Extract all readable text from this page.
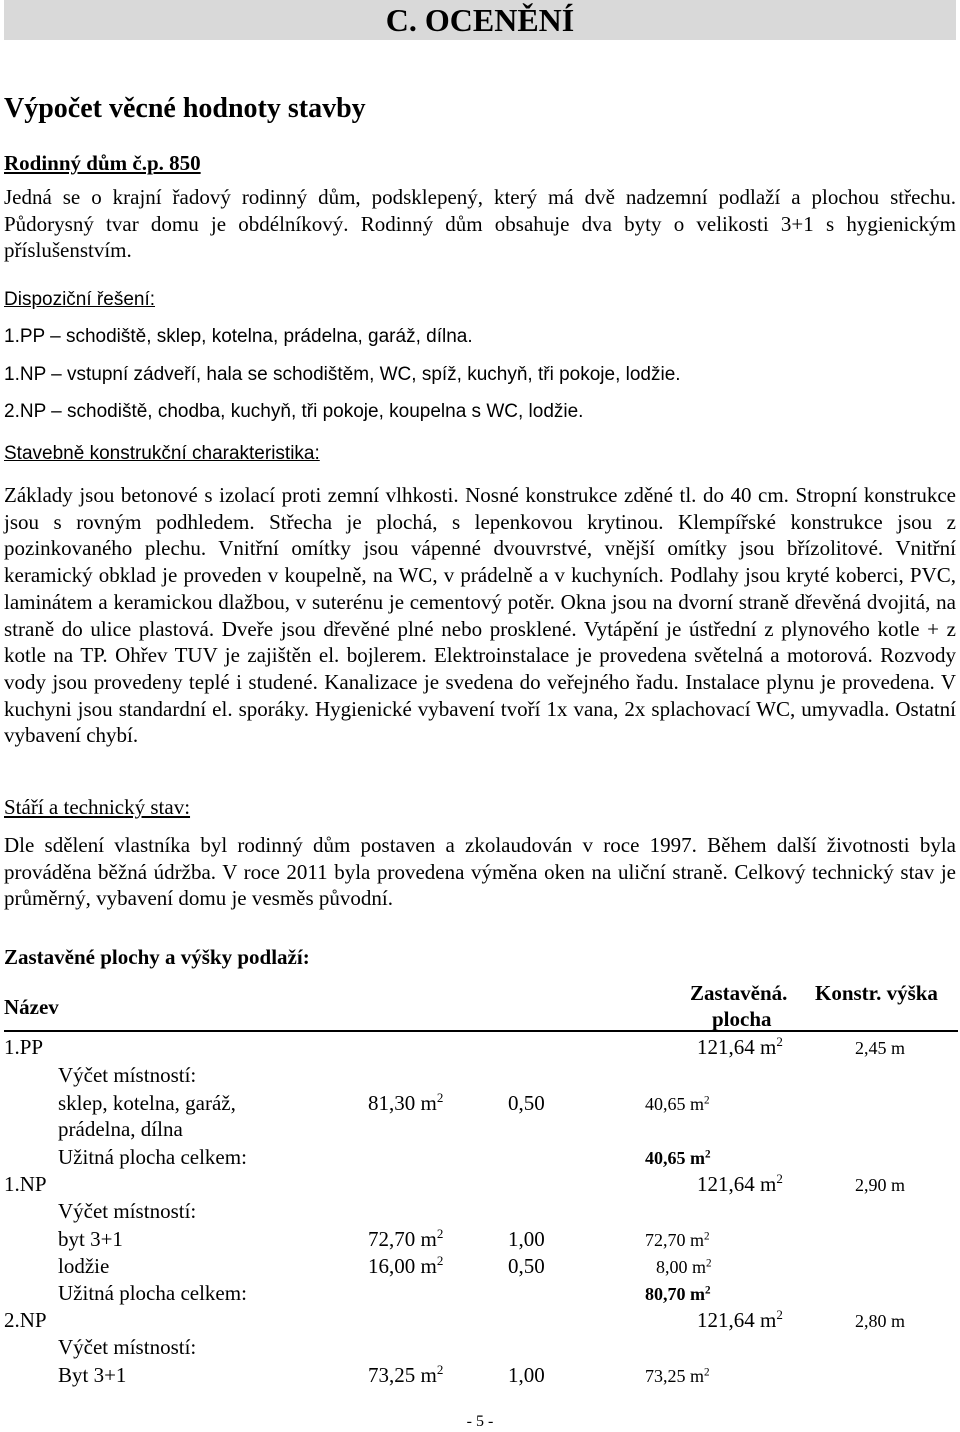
C. OCENĚNÍ
Výpočet věcné hodnoty stavby
Rodinný dům č.p. 850

Jedná se o krajní řadový rodinný dům, podsklepený, který má dvě nadzemní podlaží a plochou střechu. Půdorysný tvar domu je obdélníkový. Rodinný dům obsahuje dva byty o velikosti 3+1 s hygienickým příslušenstvím.

Dispoziční řešení:
1.PP – schodiště, sklep, kotelna, prádelna, garáž, dílna.
1.NP – vstupní zádveří, hala se schodištěm, WC, spíž, kuchyň, tři pokoje, lodžie.
2.NP – schodiště, chodba, kuchyň, tři pokoje, koupelna s WC, lodžie.
Stavebně konstrukční charakteristika:

Základy jsou betonové s izolací proti zemní vlhkosti. Nosné konstrukce zděné tl. do 40 cm. Stropní konstrukce jsou s rovným podhledem. Střecha je plochá, s lepenkovou krytinou. Klempířské konstrukce jsou z pozinkovaného plechu. Vnitřní omítky jsou vápenné dvouvrstvé, vnější omítky jsou břízolitové. Vnitřní keramický obklad je proveden v koupelně, na WC, v prádelně a v kuchyních. Podlahy jsou kryté koberci, PVC, laminátem a keramickou dlažbou, v suterénu je cementový potěr. Okna jsou na dvorní straně dřevěná dvojitá, na straně do ulice plastová. Dveře jsou dřevěné plné nebo prosklené. Vytápění je ústřední z plynového kotle + z kotle na TP. Ohřev TUV je zajištěn el. bojlerem. Elektroinstalace je provedena světelná a motorová. Rozvody vody jsou provedeny teplé i studené. Kanalizace je svedena do veřejného řadu. Instalace plynu je provedena. V kuchyni jsou standardní el. sporáky. Hygienické vybavení tvoří 1x vana, 2x splachovací WC, umyvadla. Ostatní vybavení chybí.

Stáří a technický stav:

Dle sdělení vlastníka byl rodinný dům postaven a zkolaudován v roce 1997. Během další životnosti byla prováděna běžná údržba. V roce 2011 byla provedena výměna oken na uliční straně. Celkový technický stav je průměrný, vybavení domu je vesměs původní.

Zastavěné plochy a výšky podlaží:
Název
Zastavěná.
plocha
Konstr. výška
1.PP	121,64 $m^2$	2,45 m
Výčet místností:
sklep, kotelna, garáž,
prádelna, dílna
81,30 $m^2$	0,50	40,65 $m^2$
Užitná plocha celkem:	40,65 $m^2$
1.NP	121,64 $m^2$	2,90 m
Výčet místností:
byt 3+1	72,70 $m^2$	1,00	72,70 $m^2$
lodžie	16,00 $m^2$	0,50	8,00 $m^2$
Užitná plocha celkem:	80,70 $m^2$
2.NP	121,64 $m^2$	2,80 m
Výčet místností:
Byt 3+1	73,25 $m^2$	1,00	73,25 $m^2$
- 5 -
